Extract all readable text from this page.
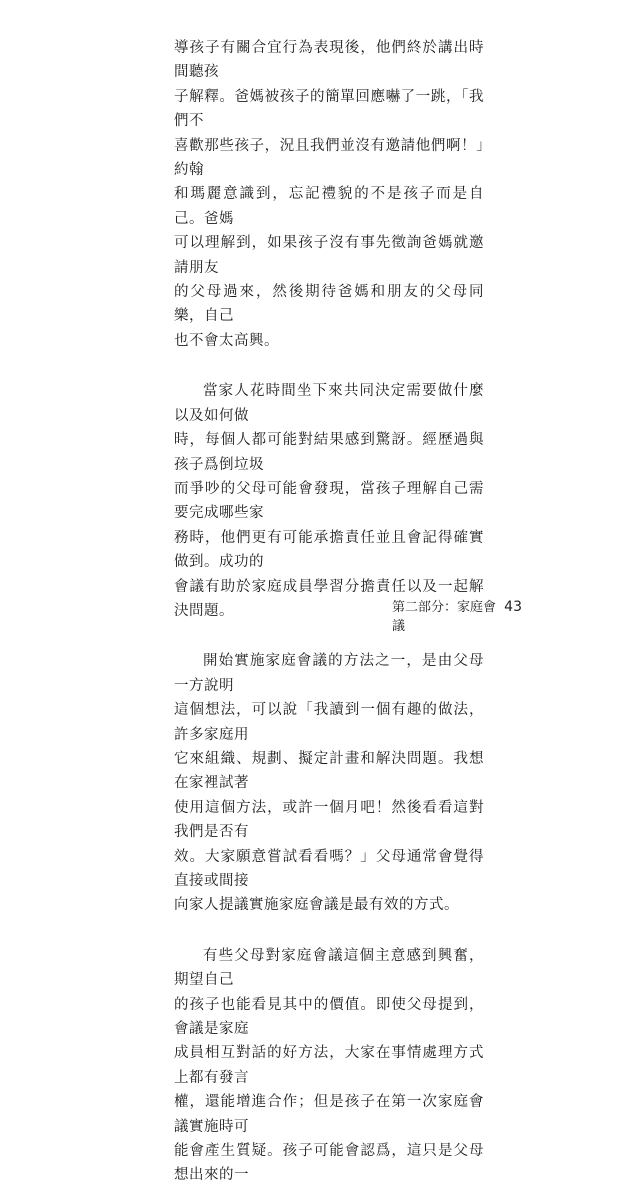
導孩子有關合宜行為表現後，他們終於講出時間聽孩
子解釋。爸媽被孩子的簡單回應嚇了一跳，「我們不
喜歡那些孩子，況且我們並沒有邀請他們啊！」約翰
和瑪麗意識到，忘記禮貌的不是孩子而是自己。爸媽
可以理解到，如果孩子沒有事先徵詢爸媽就邀請朋友
的父母過來，然後期待爸媽和朋友的父母同樂，自己
也不會太高興。

當家人花時間坐下來共同決定需要做什麼以及如何做
時，每個人都可能對結果感到驚訝。經歷過與孩子爲倒垃圾
而爭吵的父母可能會發現，當孩子理解自己需要完成哪些家
務時，他們更有可能承擔責任並且會記得確實做到。成功的
會議有助於家庭成員學習分擔責任以及一起解決問題。

開始實施家庭會議的方法之一，是由父母一方說明
這個想法，可以說「我讀到一個有趣的做法，許多家庭用
它來組織、規劃、擬定計畫和解決問題。我想在家裡試著
使用這個方法，或許一個月吧！然後看看這對我們是否有
效。大家願意嘗試看看嗎？」父母通常會覺得直接或間接
向家人提議實施家庭會議是最有效的方式。

有些父母對家庭會議這個主意感到興奮，期望自己
的孩子也能看見其中的價值。即使父母提到，會議是家庭
成員相互對話的好方法，大家在事情處理方式上都有發言
權，還能增進合作；但是孩子在第一次家庭會議實施時可
能會產生質疑。孩子可能會認爲，這只是父母想出來的一

第二部分：家庭會議
43
